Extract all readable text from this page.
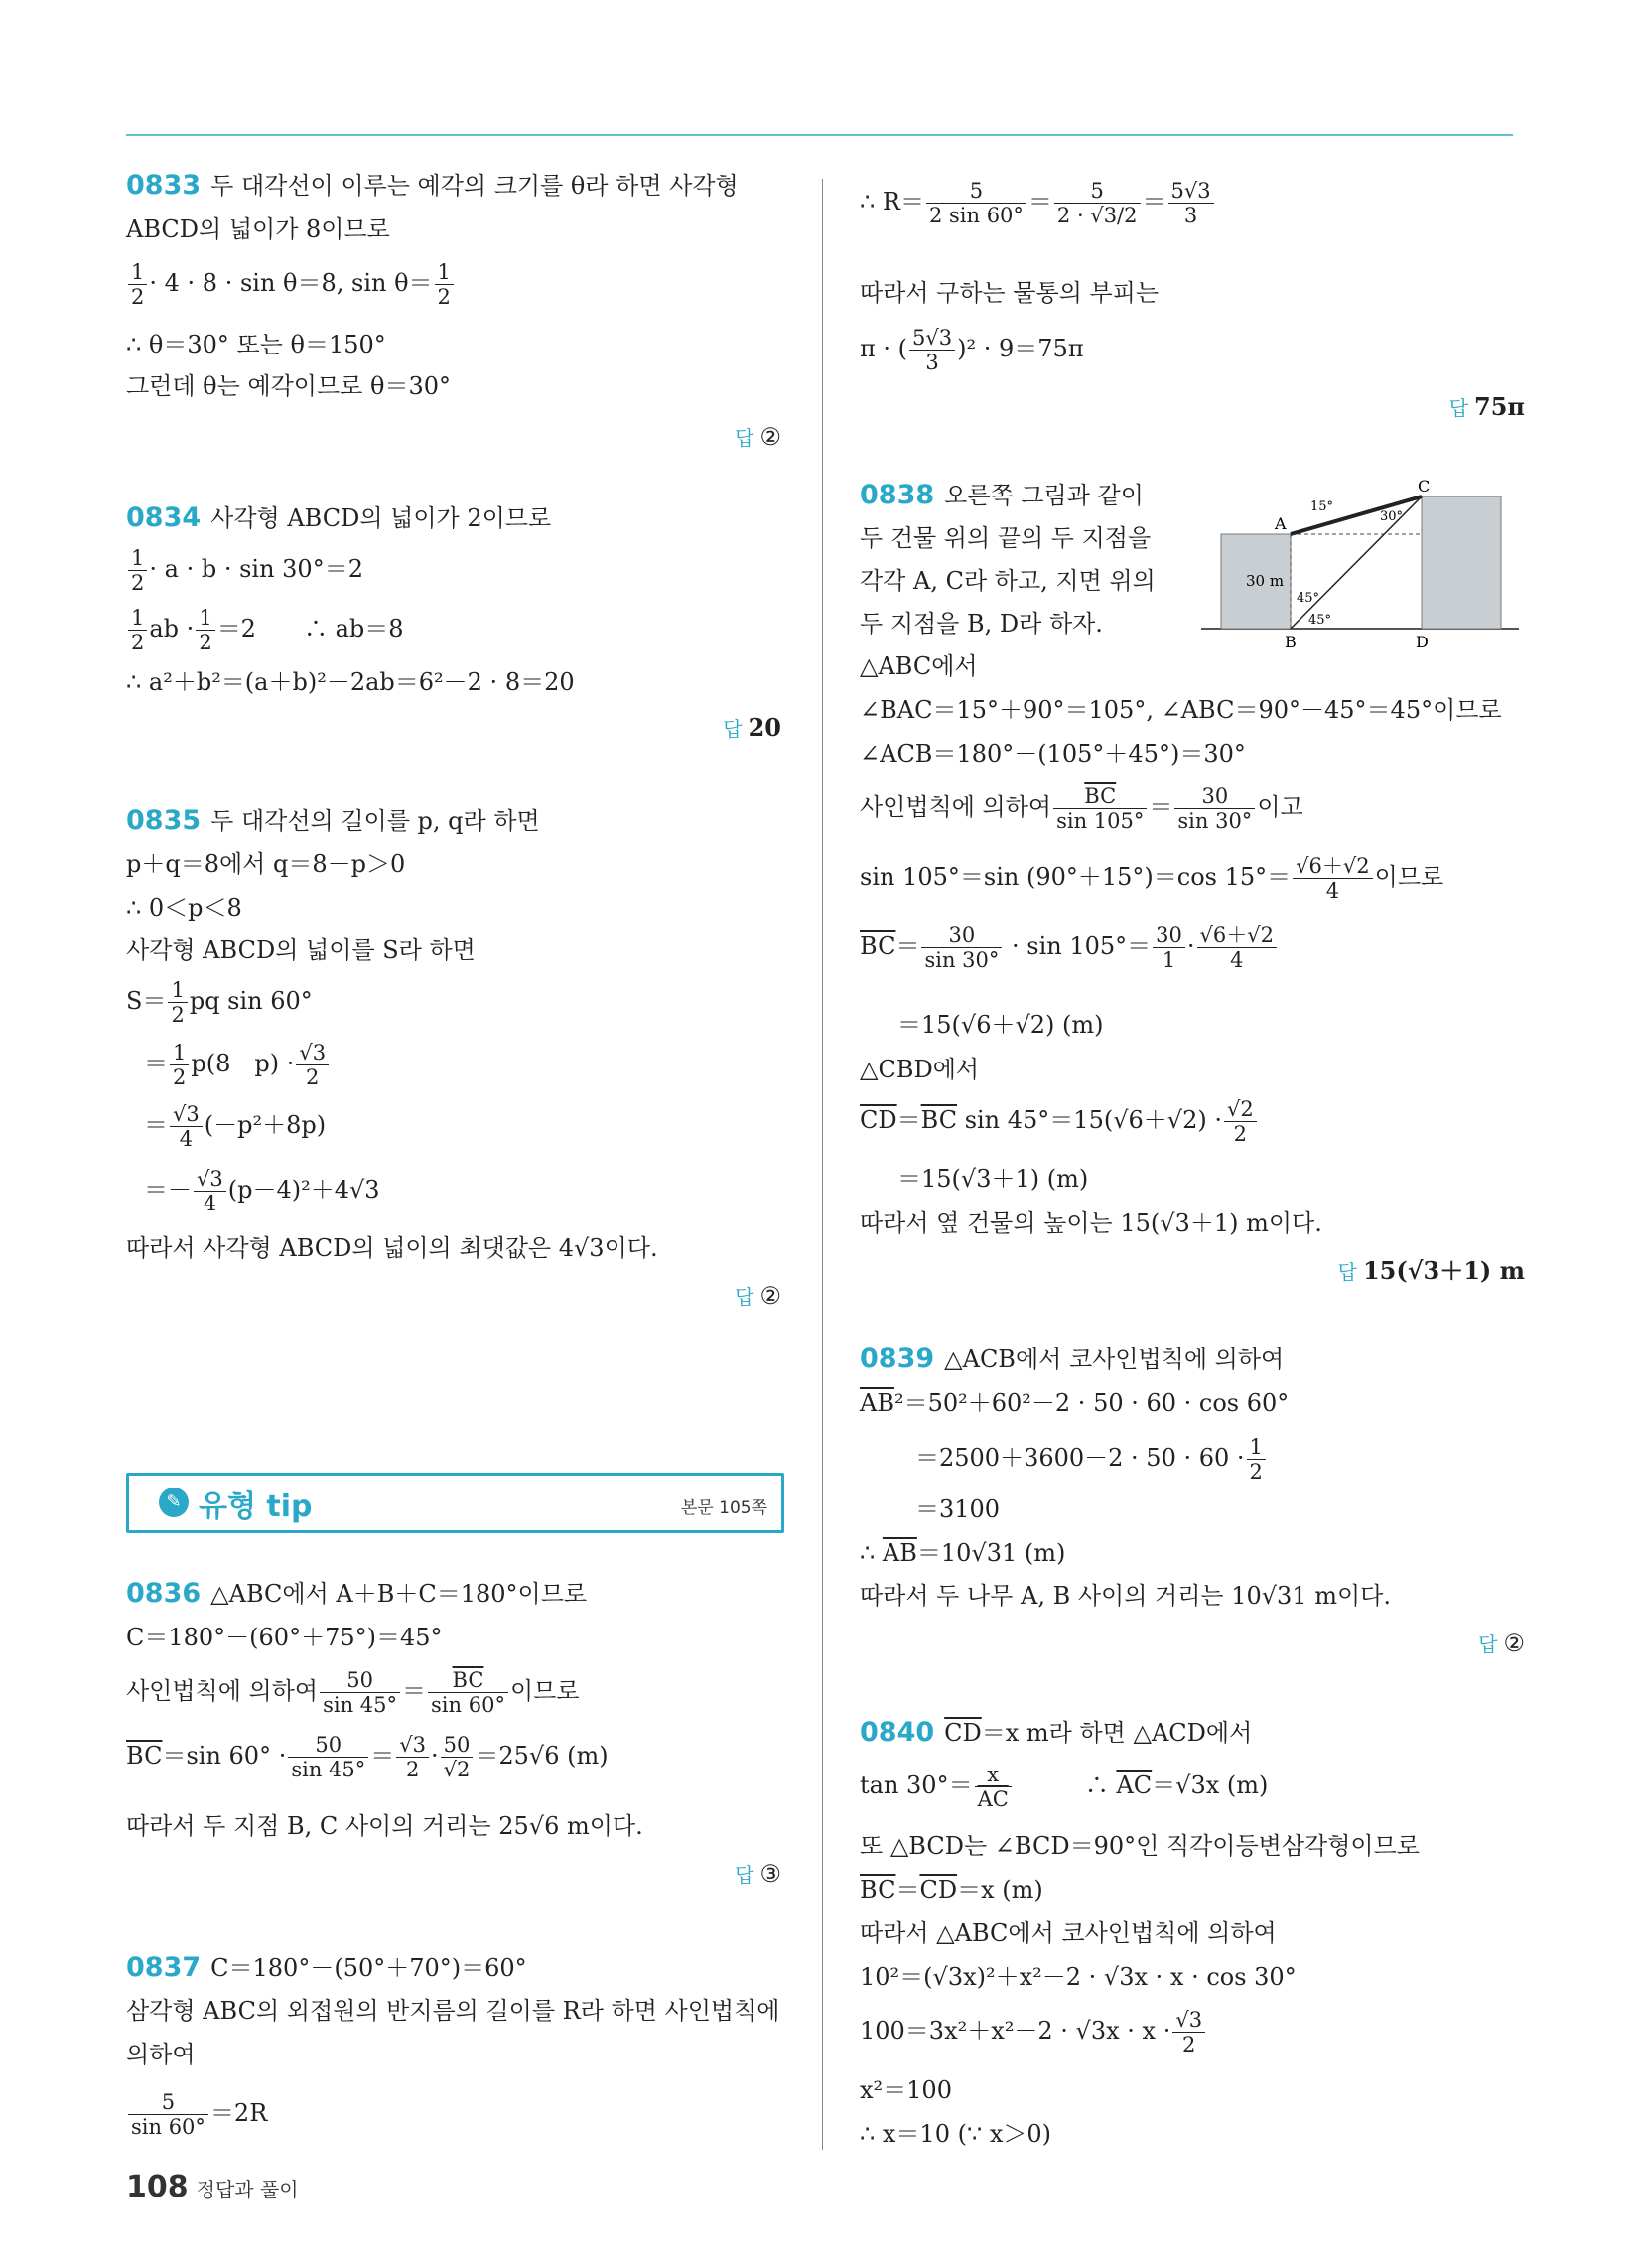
0833 두 대각선이 이루는 예각의 크기를 θ라 하면 사각형
ABCD의 넓이가 8이므로
$\frac{1}{2} \cdot 4 \cdot 8 \cdot \sin \theta=8$, $\sin \theta= \frac{1}{2}$
∴ θ＝30° 또는 θ＝150°
그런데 θ는 예각이므로 θ＝30°
답 ②
0834 사각형 ABCD의 넓이가 2이므로
$\frac{1}{2} \cdot a \cdot b \cdot \sin 30^\circ=2$
$\frac{1}{2}$ ab · $\frac{1}{2} =2$　　∴ ab＝8
∴ a²＋b²＝(a＋b)²－2ab＝6²－2 · 8＝20
답 20
0835 두 대각선의 길이를 p, q라 하면
p＋q＝8에서 q＝8－p＞0
∴ 0＜p＜8
사각형 ABCD의 넓이를 S라 하면
$S= \frac{1}{2}$ pq sin 60°
＝ $\frac{1}{2} p(8-p) \cdot \frac{√3}{2}$
＝ $\frac{√3}{4} (-p^2+8p)$
＝－ $\frac{√3}{4} (p-4)^2+4√3$
따라서 사각형 ABCD의 넓이의 최댓값은 4√3이다.
답 ②
0836 △ABC에서 A＋B＋C＝180°이므로
C＝180°－(60°＋75°)＝45°
사인법칙에 의하여 $\frac{50}{\sin 45^\circ} = \frac{\overline{BC}}{\sin 60^\circ}$ 이므로
$\overline{BC}=\sin$ $60^\circ \cdot \frac{50}{\sin 45^\circ} = \frac{√3}{2} \cdot \frac{50}{√2} =25√6$ (m)
따라서 두 지점 B, C 사이의 거리는 25√6 m이다.
답 ③
0837 C＝180°－(50°＋70°)＝60°
삼각형 ABC의 외접원의 반지름의 길이를 R라 하면 사인법칙에
의하여
$\frac{5}{\sin 60^\circ} =2R$
✎ 유형 tip	본문 105쪽
∴ $R= \frac{5}{2 \sin 60^\circ} = \frac{5}{2 \cdot √3/2} = \frac{5√3}{3}$
따라서 구하는 물통의 부피는
π · ( $\frac{5√3}{3} )^2 \cdot 9=75\pi$
답 75π
0838 오른쪽 그림과 같이
두 건물 위의 끝의 두 지점을
각각 A, C라 하고, 지면 위의
두 지점을 B, D라 하자.
△ABC에서
∠BAC＝15°＋90°＝105°, ∠ABC＝90°－45°＝45°이므로
∠ACB＝180°－(105°＋45°)＝30°
사인법칙에 의하여 $\frac{\overline{BC}}{\sin 105^\circ} = \frac{30}{\sin 30^\circ}$ 이고
sin 105°＝sin (90°＋15°)＝cos $15^\circ= \frac{√6+√2}{4}$ 이므로
$\overline{BC}= \frac{30}{\sin 30^\circ} \cdot \sin 105^\circ= \frac{30}{1} \cdot \frac{√6+√2}{4}$
＝15(√6＋√2) (m)
△CBD에서
$\overline{CD}=\overline{BC}$ $\sin 45^\circ=15(√6+√2) \cdot \frac{√2}{2}$
＝15(√3＋1) (m)
따라서 옆 건물의 높이는 15(√3＋1) m이다.
답 15(√3＋1) m
0839 △ACB에서 코사인법칙에 의하여
$\overline{AB}^2=50^2+60^2-2 \cdot 50 \cdot 60 \cdot \cos 60^\circ$
$=2500+3600-2 \cdot 50 \cdot 60 \cdot \frac{1}{2}$
＝3100
∴ $\overline{AB}=10√31$ (m)
따라서 두 나무 A, B 사이의 거리는 10√31 m이다.
답 ②
0840 $\overline{CD}=x$ m라 하면 △ACD에서
$\tan 30^\circ= \frac{x}{AC}$
　　　	∴ $\overline{AC}=√3x$ (m)
또 △BCD는 ∠BCD＝90°인 직각이등변삼각형이므로
$\overline{BC}=\overline{CD}=x$ (m)
따라서 △ABC에서 코사인법칙에 의하여
10²＝(√3x)²＋x²－2 · √3x · x · cos 30°
$100=3x^2+x^2-2 \cdot √3x \cdot x \cdot \frac{√3}{2}$
x²＝100
∴ x＝10 (∵ x＞0)
A
B
C
D
30 m
15°
30°
45°
45°
108 정답과 풀이
